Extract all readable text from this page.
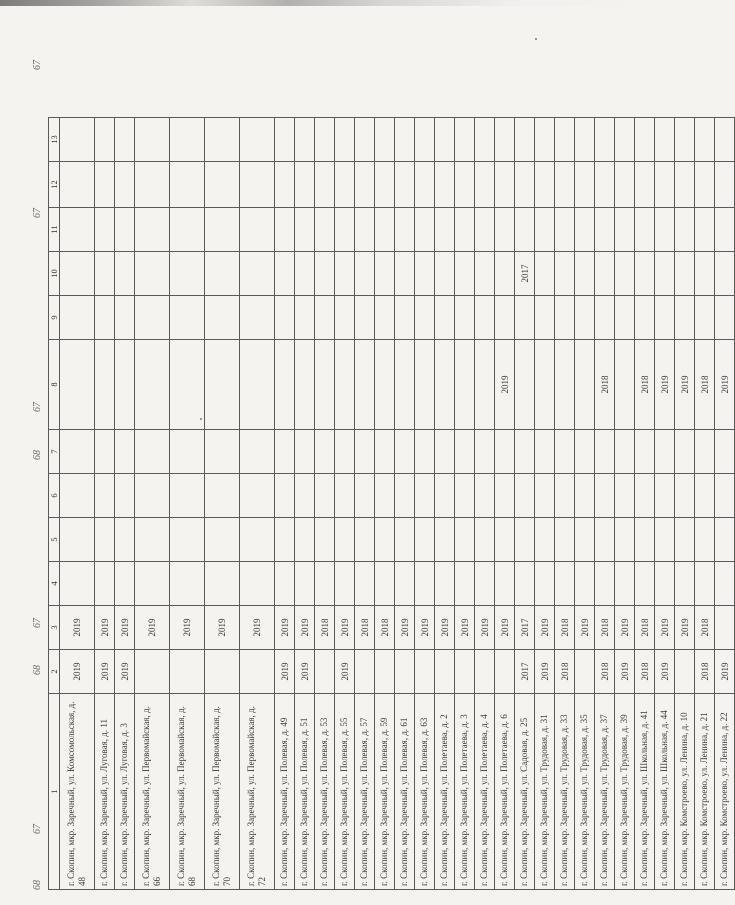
68
67
68
67
68
67
67
67
1	2	3	4	5	6	7	8	9	10	11	12	13
г. Скопин, мкр. Заречный, ул. Комсомольская, д. 48	2019	2019										
г. Скопин, мкр. Заречный, ул. Луговая, д. 11	2019	2019										
г. Скопин, мкр. Заречный, ул. Луговая, д. 3	2019	2019										
г. Скопин, мкр. Заречный, ул. Первомайская, д. 66		2019										
г. Скопин, мкр. Заречный, ул. Первомайская, д. 68		2019										
г. Скопин, мкр. Заречный, ул. Первомайская, д. 70		2019										
г. Скопин, мкр. Заречный, ул. Первомайская, д. 72		2019										
г. Скопин, мкр. Заречный, ул. Полевая, д. 49	2019	2019										
г. Скопин, мкр. Заречный, ул. Полевая, д. 51	2019	2019										
г. Скопин, мкр. Заречный, ул. Полевая, д. 53		2018										
г. Скопин, мкр. Заречный, ул. Полевая, д. 55	2019	2019										
г. Скопин, мкр. Заречный, ул. Полевая, д. 57		2018										
г. Скопин, мкр. Заречный, ул. Полевая, д. 59		2018										
г. Скопин, мкр. Заречный, ул. Полевая, д. 61		2019										
г. Скопин, мкр. Заречный, ул. Полевая, д. 63		2019										
г. Скопин, мкр. Заречный, ул. Полетаева, д. 2		2019										
г. Скопин, мкр. Заречный, ул. Полетаева, д. 3		2019										
г. Скопин, мкр. Заречный, ул. Полетаева, д. 4		2019										
г. Скопин, мкр. Заречный, ул. Полетаева, д. 6		2019					2019					
г. Скопин, мкр. Заречный, ул. Садовая, д. 25	2017	2017							2017			
г. Скопин, мкр. Заречный, ул. Трудовая, д. 31	2019	2019										
г. Скопин, мкр. Заречный, ул. Трудовая, д. 33	2018	2018										
г. Скопин, мкр. Заречный, ул. Трудовая, д. 35		2019										
г. Скопин, мкр. Заречный, ул. Трудовая, д. 37	2018	2018					2018					
г. Скопин, мкр. Заречный, ул. Трудовая, д. 39	2019	2019										
г. Скопин, мкр. Заречный, ул. Школьная, д. 41	2018	2018					2018					
г. Скопин, мкр. Заречный, ул. Школьная, д. 44	2019	2019					2019					
г. Скопин, мкр. Комстроево, ул. Ленина, д. 10		2019					2019					
г. Скопин, мкр. Комстроево, ул. Ленина, д. 21	2018	2018					2018					
г. Скопин, мкр. Комстроево, ул. Ленина, д. 22	2019						2019					
